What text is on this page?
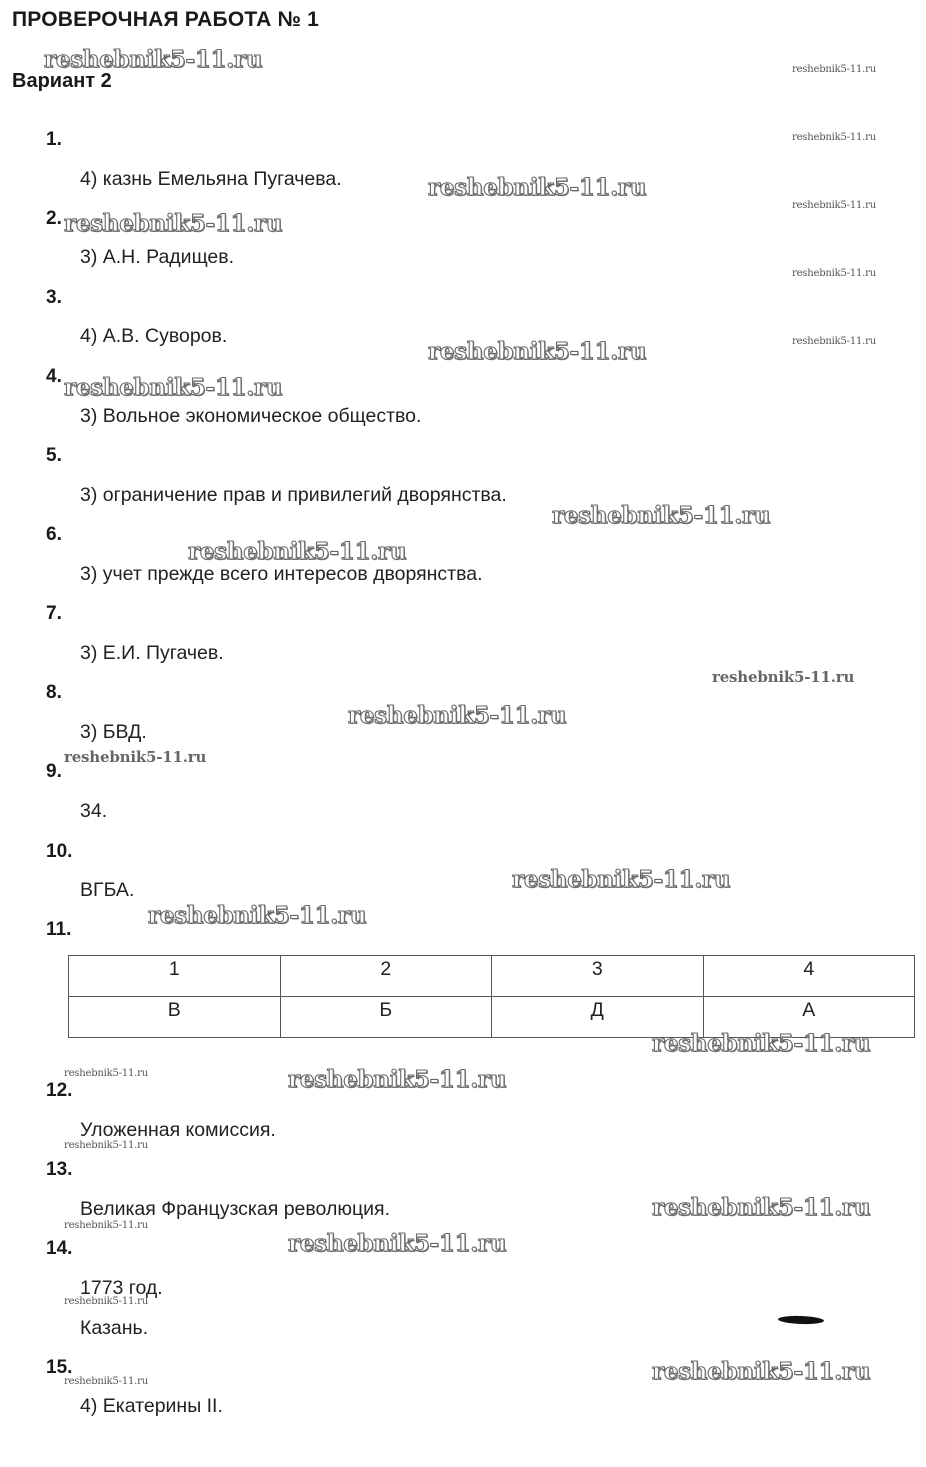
ПРОВЕРОЧНАЯ РАБОТА № 1
Вариант 2
1.
2.
3.
4.
5.
6.
7.
8.
9.
10.
11.
12.
13.
14.
15.
4) казнь Емельяна Пугачева.
3) А.Н. Радищев.
4) А.В. Суворов.
3) Вольное экономическое общество.
3) ограничение прав и привилегий дворянства.
3) учет прежде всего интересов дворянства.
3) Е.И. Пугачев.
3) БВД.
34.
ВГБА.
Уложенная комиссия.
Великая Французская революция.
1773 год.
Казань.
4) Екатерины II.
1	2	3	4
В	Б	Д	А
reshebnik5-11.ru
reshebnik5-11.ru
reshebnik5-11.ru
reshebnik5-11.ru
reshebnik5-11.ru
reshebnik5-11.ru
reshebnik5-11.ru
reshebnik5-11.ru
reshebnik5-11.ru
reshebnik5-11.ru
reshebnik5-11.ru
reshebnik5-11.ru
reshebnik5-11.ru
reshebnik5-11.ru
reshebnik5-11.ru
reshebnik5-11.ru
reshebnik5-11.ru
reshebnik5-11.ru
reshebnik5-11.ru
reshebnik5-11.ru
reshebnik5-11.ru
reshebnik5-11.ru
reshebnik5-11.ru
reshebnik5-11.ru
reshebnik5-11.ru
reshebnik5-11.ru
reshebnik5-11.ru
